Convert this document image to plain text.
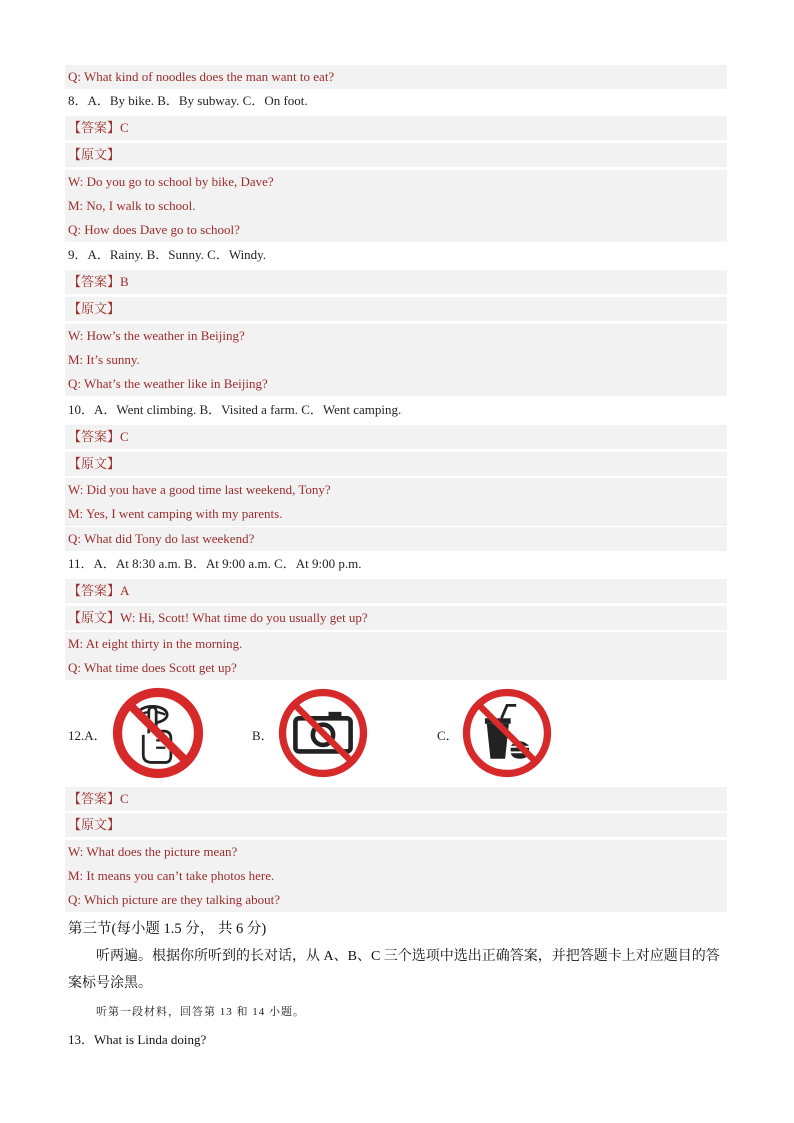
Q: What kind of noodles does the man want to eat?
8．A．By bike. B．By subway. C．On foot.
【答案】C
【原文】
W: Do you go to school by bike, Dave?
M: No, I walk to school.
Q: How does Dave go to school?
9．A．Rainy. B．Sunny. C．Windy.
【答案】B
【原文】
W: How’s the weather in Beijing?
M: It’s sunny.
Q: What’s the weather like in Beijing?
10．A．Went climbing. B．Visited a farm. C．Went camping.
【答案】C
【原文】
W: Did you have a good time last weekend, Tony?
M: Yes, I went camping with my parents.
Q: What did Tony do last weekend?
11．A．At 8:30 a.m. B．At 9:00 a.m. C．At 9:00 p.m.
【答案】A
【原文】W: Hi, Scott! What time do you usually get up?
M: At eight thirty in the morning.
Q: What time does Scott get up?
12.A．	B．	C．
【答案】C
【原文】
W: What does the picture mean?
M: It means you can’t take photos here.
Q: Which picture are they talking about?
第三节(每小题 1.5 分， 共 6 分)
听两遍。根据你所听到的长对话，从 A、B、C 三个选项中选出正确答案，并把答题卡上对应题目的答案标号涂黑。
听第一段材料，回答第 13 和 14 小题。
13．What is Linda doing?
